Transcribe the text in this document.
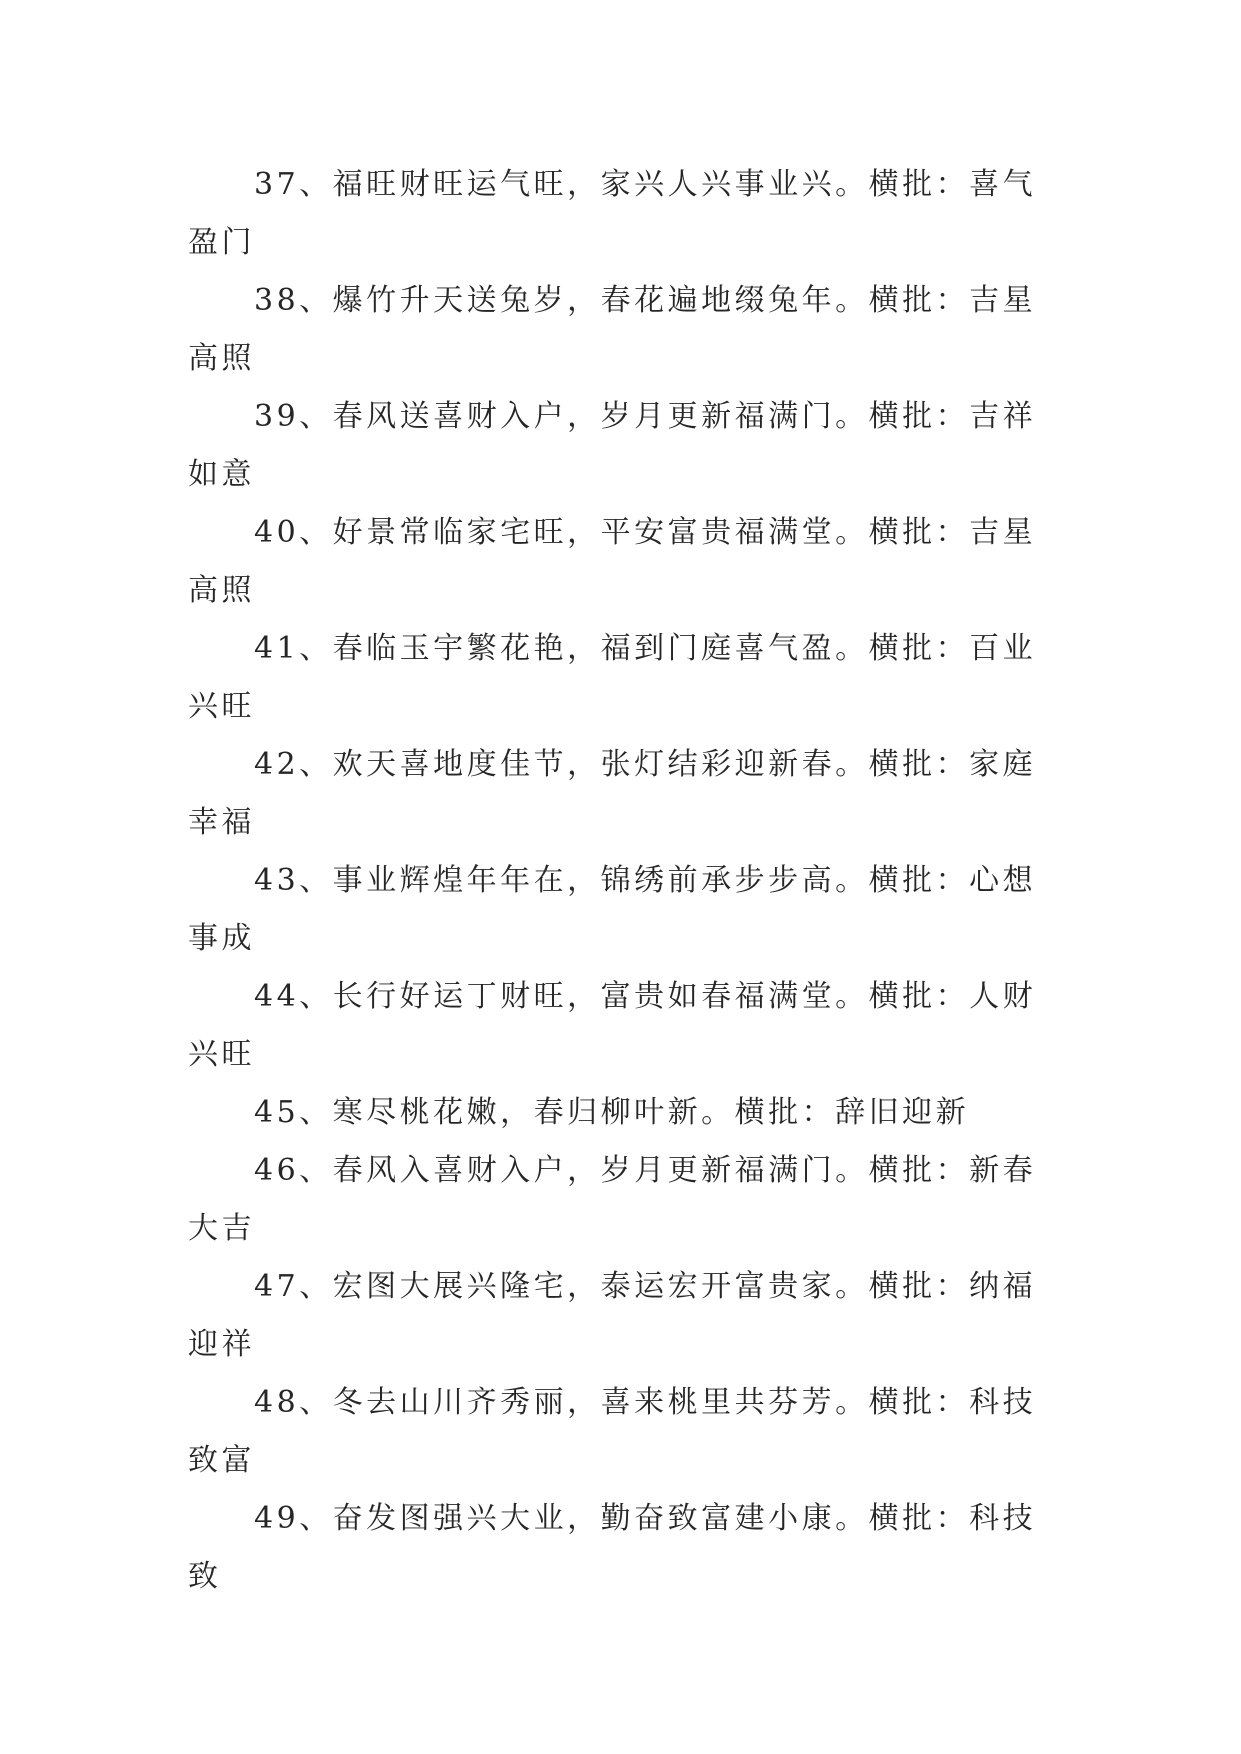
37、福旺财旺运气旺，家兴人兴事业兴。横批：喜气盈门

38、爆竹升天送兔岁，春花遍地缀兔年。横批：吉星高照

39、春风送喜财入户，岁月更新福满门。横批：吉祥如意

40、好景常临家宅旺，平安富贵福满堂。横批：吉星高照

41、春临玉宇繁花艳，福到门庭喜气盈。横批：百业兴旺

42、欢天喜地度佳节，张灯结彩迎新春。横批：家庭幸福

43、事业辉煌年年在，锦绣前承步步高。横批：心想事成

44、长行好运丁财旺，富贵如春福满堂。横批：人财兴旺

45、寒尽桃花嫩，春归柳叶新。横批：辞旧迎新

46、春风入喜财入户，岁月更新福满门。横批：新春大吉

47、宏图大展兴隆宅，泰运宏开富贵家。横批：纳福迎祥

48、冬去山川齐秀丽，喜来桃里共芬芳。横批：科技致富

49、奋发图强兴大业，勤奋致富建小康。横批：科技致
